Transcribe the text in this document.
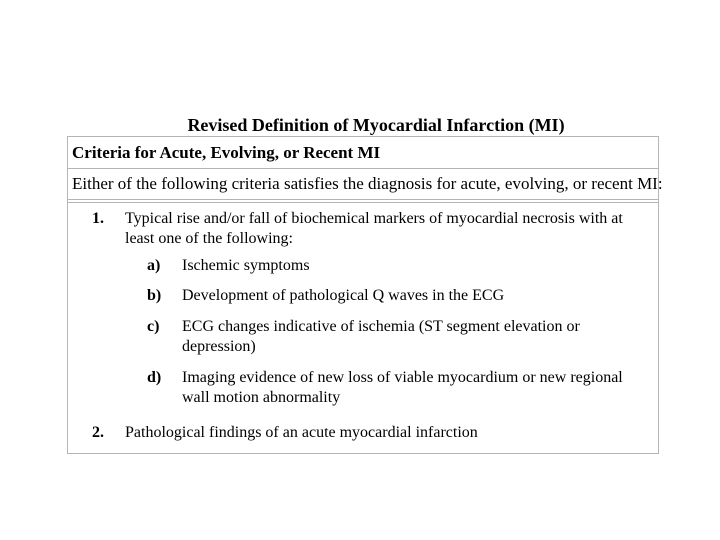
Revised Definition of Myocardial Infarction (MI)
Criteria for Acute, Evolving, or Recent MI
Either of the following criteria satisfies the diagnosis for acute, evolving, or recent MI:
1. Typical rise and/or fall of biochemical markers of myocardial necrosis with at least one of the following:
a) Ischemic symptoms
b) Development of pathological Q waves in the ECG
c) ECG changes indicative of ischemia (ST segment elevation or depression)
d) Imaging evidence of new loss of viable myocardium or new regional wall motion abnormality
2. Pathological findings of an acute myocardial infarction
